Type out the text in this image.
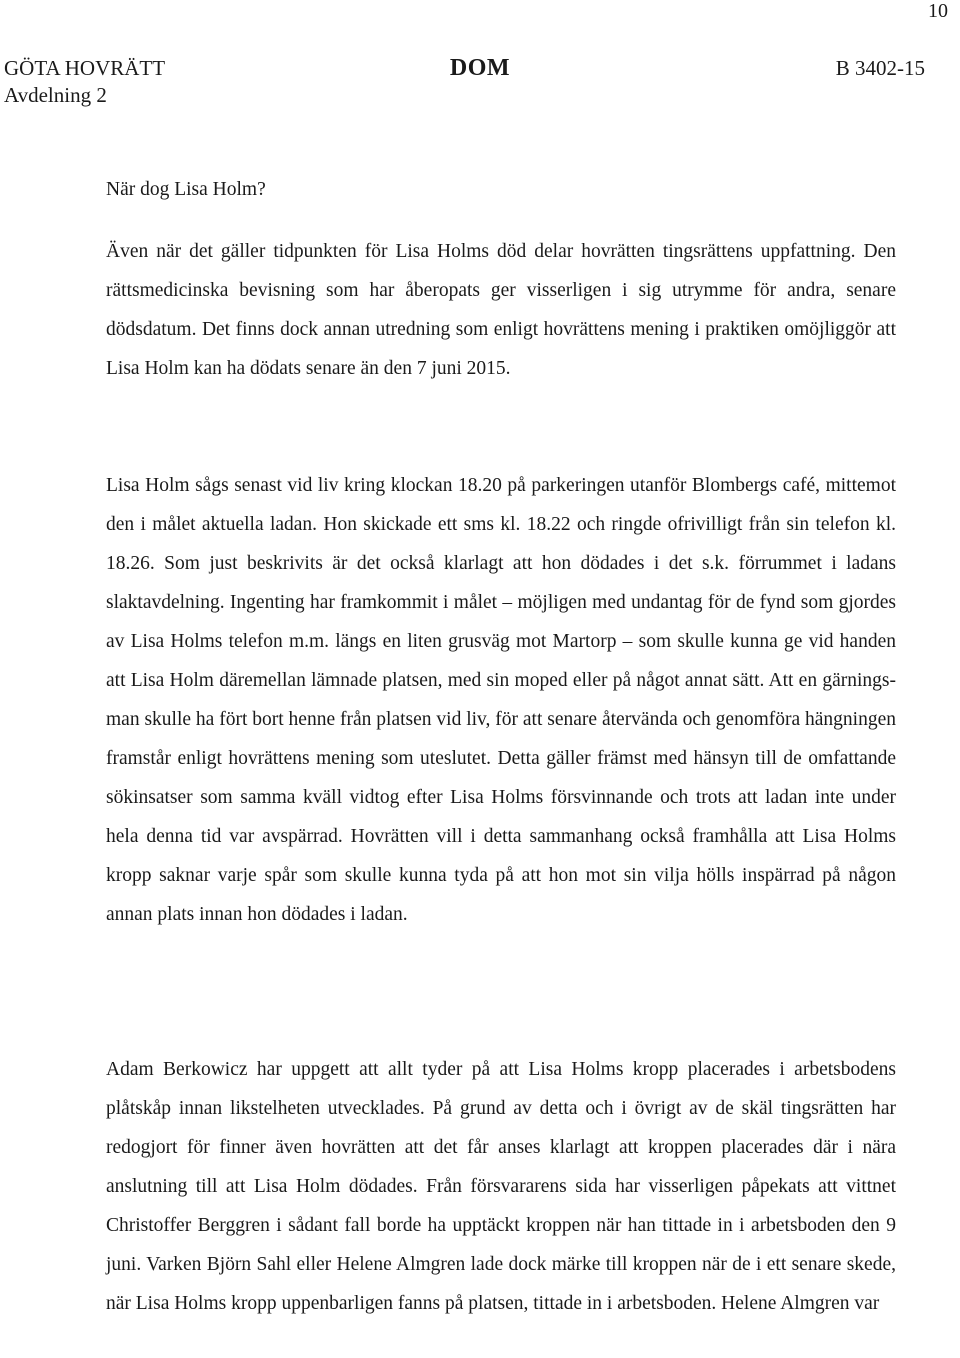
10
GÖTA HOVRÄTT
Avdelning 2
DOM	B 3402-15

När dog Lisa Holm?

Även när det gäller tidpunkten för Lisa Holms död delar hovrätten tingsrättens uppfattning. Den rättsmedicinska bevisning som har åberopats ger visserligen i sig utrymme för andra, senare dödsdatum. Det finns dock annan utredning som enligt hovrättens mening i praktiken omöjliggör att Lisa Holm kan ha dödats senare än den 7 juni 2015.

Lisa Holm sågs senast vid liv kring klockan 18.20 på parkeringen utanför Blombergs café, mittemot den i målet aktuella ladan. Hon skickade ett sms kl. 18.22 och ringde ofrivilligt från sin telefon kl. 18.26. Som just beskrivits är det också klarlagt att hon dödades i det s.k. förrummet i ladans slaktavdelning. Ingenting har framkommit i målet – möjligen med undantag för de fynd som gjordes av Lisa Holms telefon m.m. längs en liten grusväg mot Martorp – som skulle kunna ge vid handen att Lisa Holm däremellan lämnade platsen, med sin moped eller på något annat sätt. Att en gärningsman skulle ha fört bort henne från platsen vid liv, för att senare återvända och genomföra hängningen framstår enligt hovrättens mening som uteslutet. Detta gäller främst med hänsyn till de omfattande sökinsatser som samma kväll vidtog efter Lisa Holms försvinnande och trots att ladan inte under hela denna tid var avspärrad. Hovrätten vill i detta sammanhang också framhålla att Lisa Holms kropp saknar varje spår som skulle kunna tyda på att hon mot sin vilja hölls inspärrad på någon annan plats innan hon dödades i ladan.

Adam Berkowicz har uppgett att allt tyder på att Lisa Holms kropp placerades i arbetsbodens plåtskåp innan likstelheten utvecklades. På grund av detta och i övrigt av de skäl tingsrätten har redogjort för finner även hovrätten att det får anses klarlagt att kroppen placerades där i nära anslutning till att Lisa Holm dödades. Från försvararens sida har visserligen påpekats att vittnet Christoffer Berggren i sådant fall borde ha upptäckt kroppen när han tittade in i arbetsboden den 9 juni. Varken Björn Sahl eller Helene Almgren lade dock märke till kroppen när de i ett senare skede, när Lisa Holms kropp uppenbarligen fanns på platsen, tittade in i arbetsboden. Helene Almgren var
